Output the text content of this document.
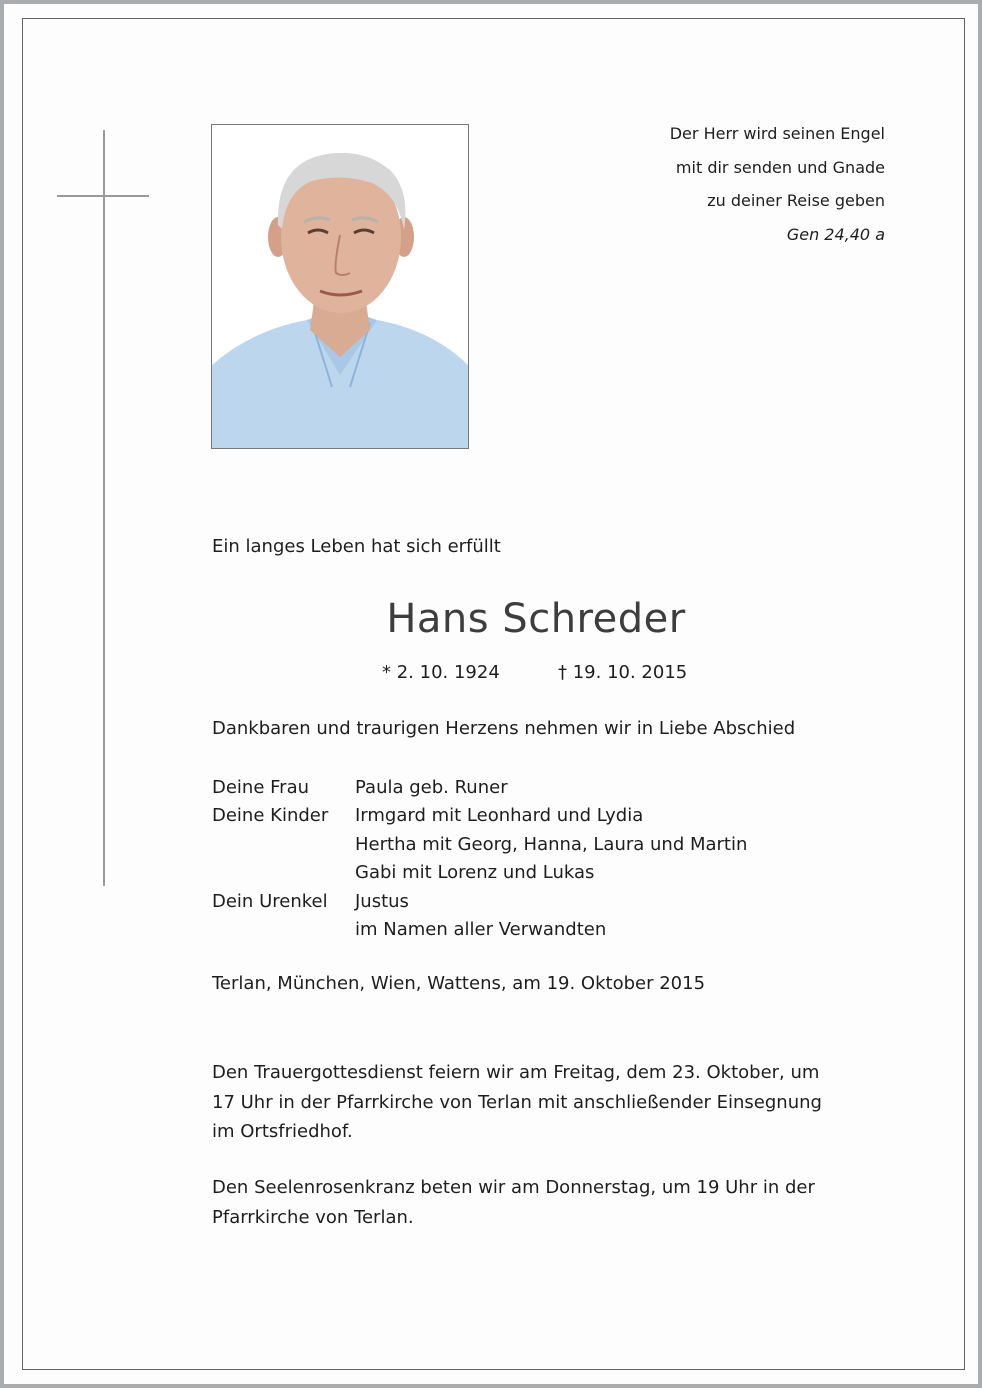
Der Herr wird seinen Engel
mit dir senden und Gnade
zu deiner Reise geben
Gen 24,40 a
Ein langes Leben hat sich erfüllt
Hans Schreder
* 2. 10. 1924	† 19. 10. 2015
Dankbaren und traurigen Herzens nehmen wir in Liebe Abschied
Deine Frau	Paula geb. Runer
Deine Kinder Irmgard mit Leonhard und Lydia
Hertha mit Georg, Hanna, Laura und Martin
Gabi mit Lorenz und Lukas
Dein Urenkel Justus
im Namen aller Verwandten
Terlan, München, Wien, Wattens, am 19. Oktober 2015
Den Trauergottesdienst feiern wir am Freitag, dem 23. Oktober, um
17 Uhr in der Pfarrkirche von Terlan mit anschließender Einsegnung
im Ortsfriedhof.
Den Seelenrosenkranz beten wir am Donnerstag, um 19 Uhr in der
Pfarrkirche von Terlan.
